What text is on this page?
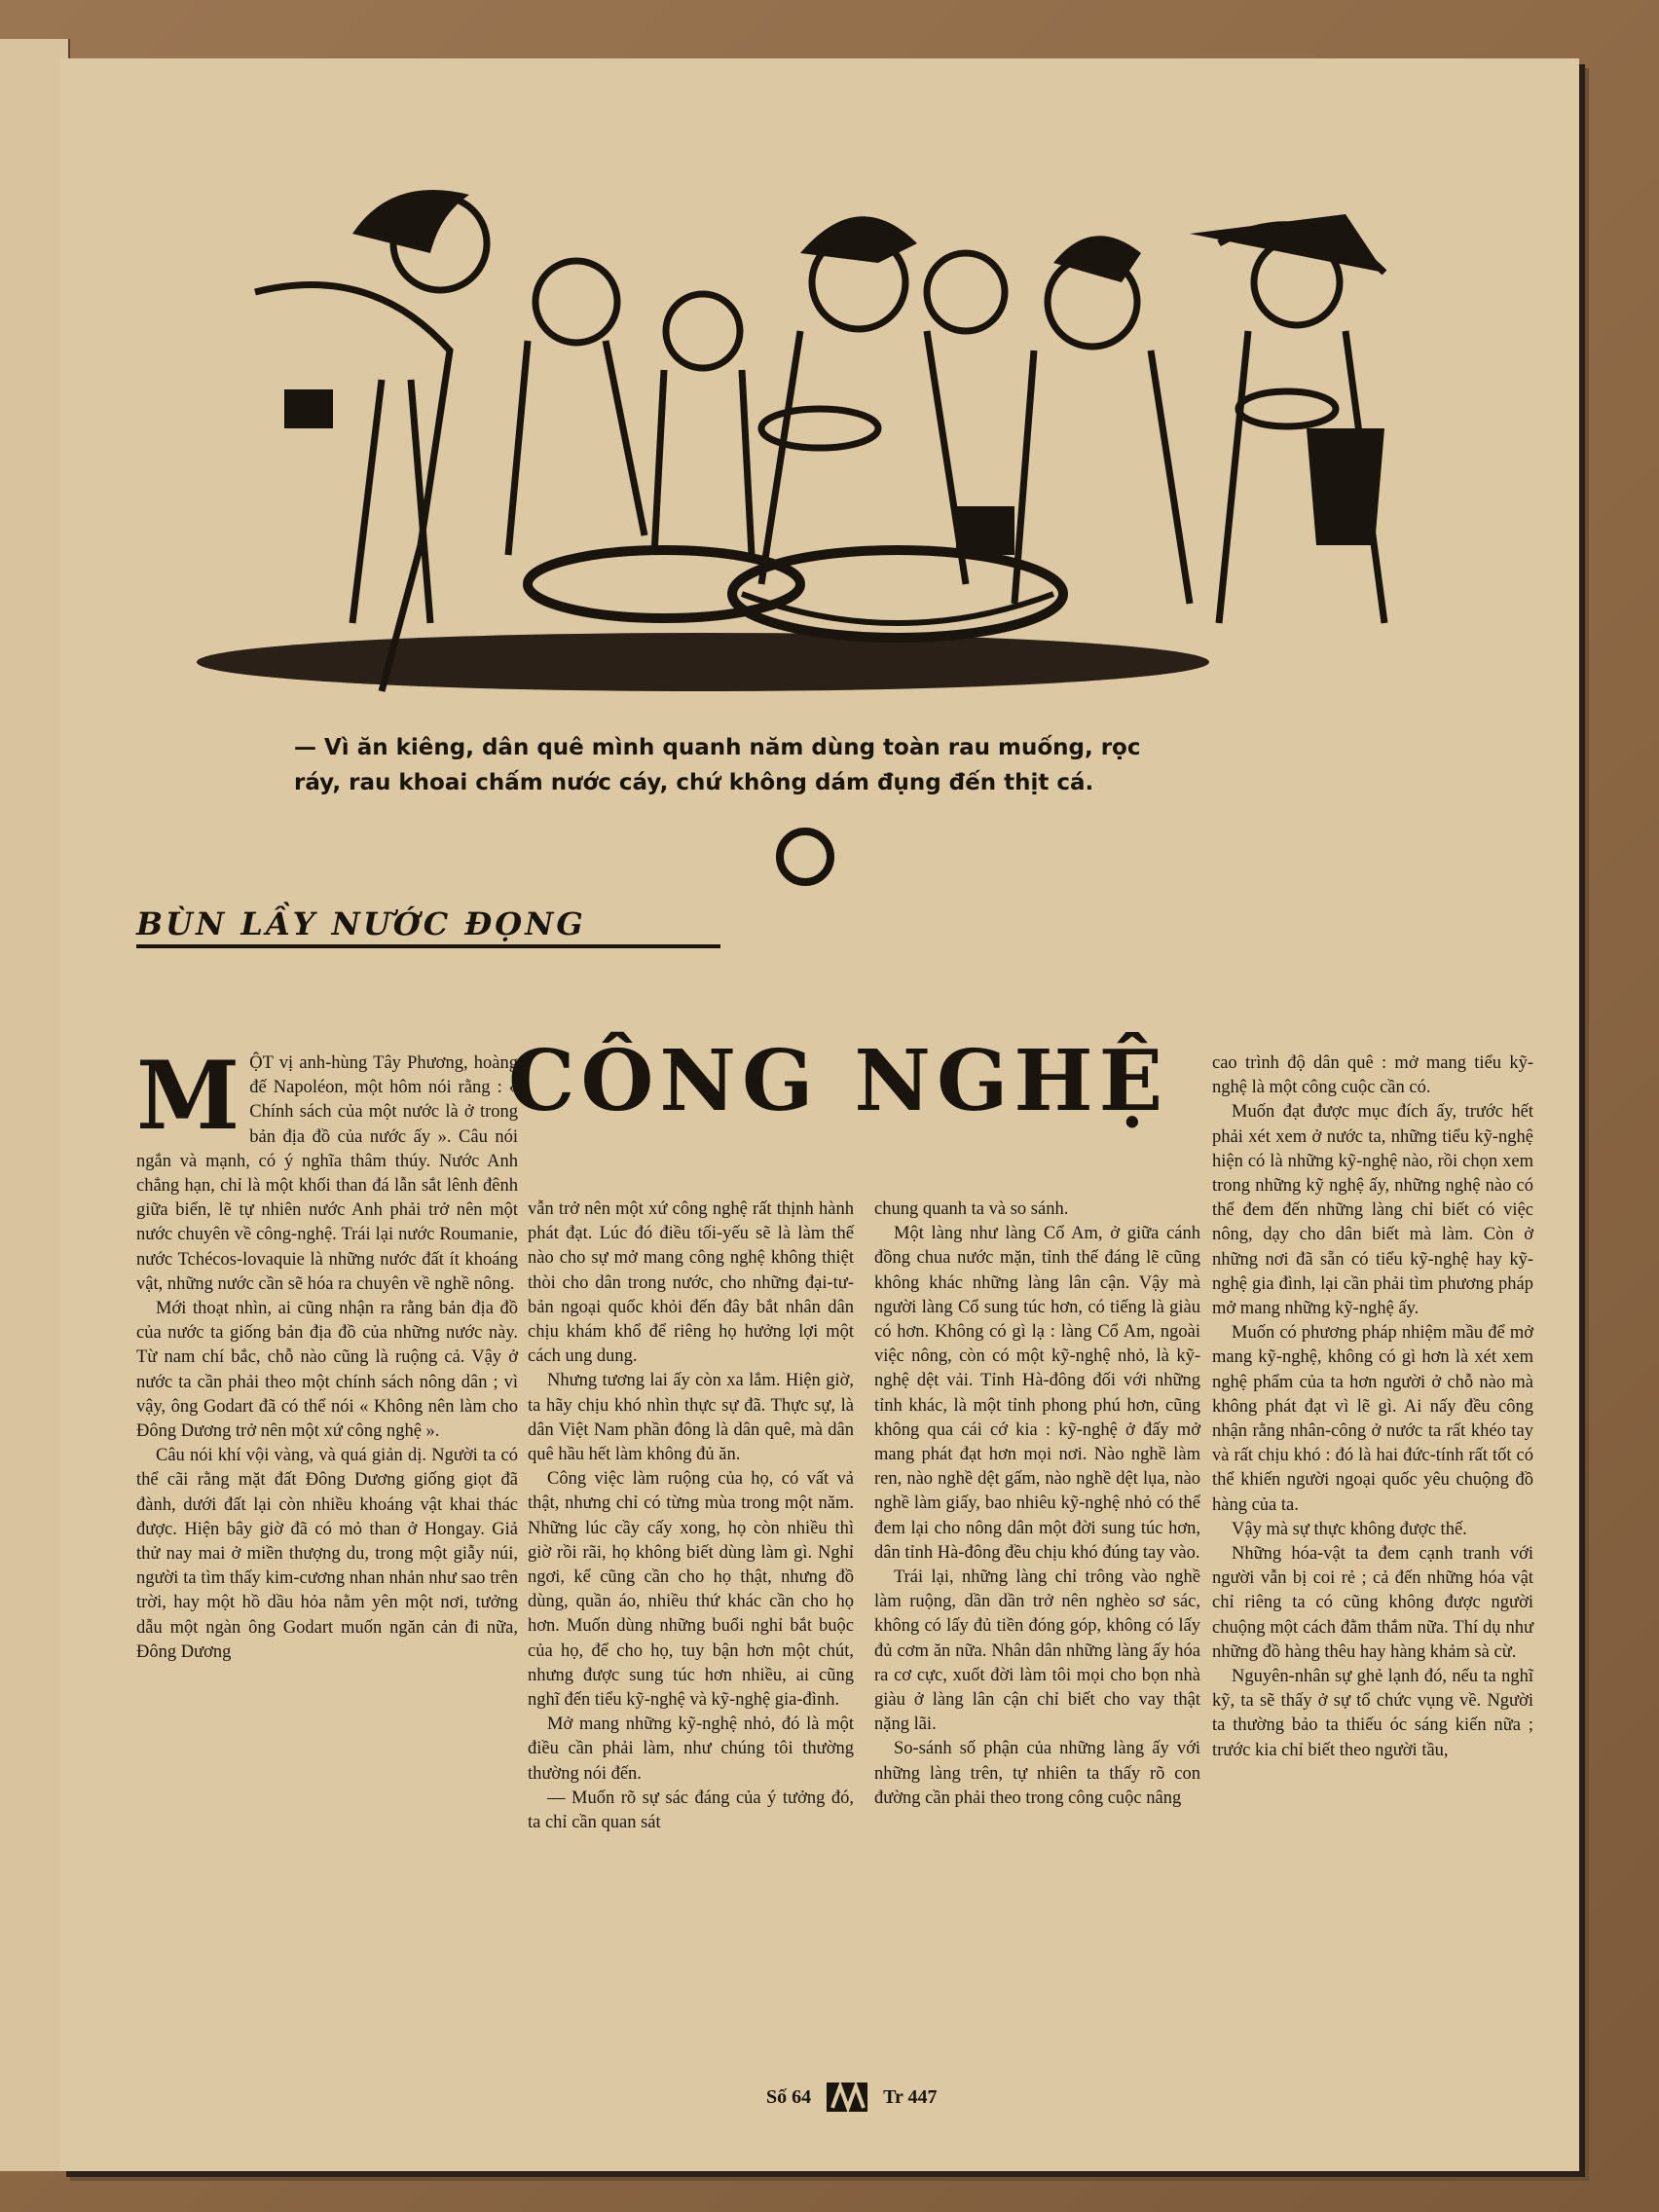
— Vì ăn kiêng, dân quê mình quanh năm dùng toàn rau muống, rọc
ráy, rau khoai chấm nước cáy, chứ không dám đụng đến thịt cá.
BÙN LẦY NƯỚC ĐỌNG
CÔNG NGHỆ

MỘT vị anh-hùng Tây Phương, hoàng đế Napoléon, một hôm nói rằng : « Chính sách của một nước là ở trong bản địa đồ của nước ấy ». Câu nói ngắn và mạnh, có ý nghĩa thâm thúy. Nước Anh chẳng hạn, chỉ là một khối than đá lẫn sắt lênh đênh giữa biển, lẽ tự nhiên nước Anh phải trở nên một nước chuyên về công-nghệ. Trái lại nước Roumanie, nước Tchécos-lovaquie là những nước đất ít khoáng vật, những nước cần sẽ hóa ra chuyên về nghề nông.

Mới thoạt nhìn, ai cũng nhận ra rằng bản địa đồ của nước ta giống bản địa đồ của những nước này. Từ nam chí bắc, chỗ nào cũng là ruộng cả. Vậy ở nước ta cần phải theo một chính sách nông dân ; vì vậy, ông Godart đã có thể nói « Không nên làm cho Đông Dương trở nên một xứ công nghệ ».

Câu nói khí vội vàng, và quá giản dị. Người ta có thể cãi rằng mặt đất Đông Dương giống giọt đã đành, dưới đất lại còn nhiều khoáng vật khai thác được. Hiện bây giờ đã có mỏ than ở Hongay. Giả thử nay mai ở miền thượng du, trong một giẫy núi, người ta tìm thấy kim-cương nhan nhản như sao trên trời, hay một hồ dầu hỏa nằm yên một nơi, tưởng dẫu một ngàn ông Godart muốn ngăn cản đi nữa, Đông Dương

vẫn trở nên một xứ công nghệ rất thịnh hành phát đạt. Lúc đó điều tối-yếu sẽ là làm thế nào cho sự mở mang công nghệ không thiệt thòi cho dân trong nước, cho những đại-tư-bản ngoại quốc khỏi đến đây bắt nhân dân chịu khám khổ để riêng họ hưởng lợi một cách ung dung.

Nhưng tương lai ấy còn xa lắm. Hiện giờ, ta hãy chịu khó nhìn thực sự đã. Thực sự, là dân Việt Nam phần đông là dân quê, mà dân quê hầu hết làm không đủ ăn.

Công việc làm ruộng của họ, có vất vả thật, nhưng chỉ có từng mùa trong một năm. Những lúc cầy cấy xong, họ còn nhiều thì giờ rồi rãi, họ không biết dùng làm gì. Nghỉ ngơi, kể cũng cần cho họ thật, nhưng đồ dùng, quần áo, nhiều thứ khác cần cho họ hơn. Muốn dùng những buổi nghỉ bắt buộc của họ, để cho họ, tuy bận hơn một chút, nhưng được sung túc hơn nhiều, ai cũng nghĩ đến tiểu kỹ-nghệ và kỹ-nghệ gia-đình.

Mở mang những kỹ-nghệ nhỏ, đó là một điều cần phải làm, như chúng tôi thường thường nói đến.

— Muốn rõ sự sác đáng của ý tưởng đó, ta chỉ cần quan sát

chung quanh ta và so sánh.

Một làng như làng Cổ Am, ở giữa cánh đồng chua nước mặn, tỉnh thế đáng lẽ cũng không khác những làng lân cận. Vậy mà người làng Cổ sung túc hơn, có tiếng là giàu có hơn. Không có gì lạ : làng Cổ Am, ngoài việc nông, còn có một kỹ-nghệ nhỏ, là kỹ-nghệ dệt vải. Tỉnh Hà-đông đối với những tỉnh khác, là một tỉnh phong phú hơn, cũng không qua cái cớ kia : kỹ-nghệ ở đấy mở mang phát đạt hơn mọi nơi. Nào nghề làm ren, nào nghề dệt gấm, nào nghề dệt lụa, nào nghề làm giấy, bao nhiêu kỹ-nghệ nhỏ có thể đem lại cho nông dân một đời sung túc hơn, dân tỉnh Hà-đông đều chịu khó đúng tay vào.

Trái lại, những làng chỉ trông vào nghề làm ruộng, dần dần trở nên nghèo sơ sác, không có lấy đủ tiền đóng góp, không có lấy đủ cơm ăn nữa. Nhân dân những làng ấy hóa ra cơ cực, xuốt đời làm tôi mọi cho bọn nhà giàu ở làng lân cận chỉ biết cho vay thật nặng lãi.

So-sánh số phận của những làng ấy với những làng trên, tự nhiên ta thấy rõ con đường cần phải theo trong công cuộc nâng

cao trình độ dân quê : mở mang tiểu kỹ-nghệ là một công cuộc cần có.

Muốn đạt được mục đích ấy, trước hết phải xét xem ở nước ta, những tiểu kỹ-nghệ hiện có là những kỹ-nghệ nào, rồi chọn xem trong những kỹ nghệ ấy, những nghệ nào có thể đem đến những làng chỉ biết có việc nông, dạy cho dân biết mà làm. Còn ở những nơi đã sẵn có tiểu kỹ-nghệ hay kỹ-nghệ gia đình, lại cần phải tìm phương pháp mở mang những kỹ-nghệ ấy.

Muốn có phương pháp nhiệm mầu để mở mang kỹ-nghệ, không có gì hơn là xét xem nghệ phẩm của ta hơn người ở chỗ nào mà không phát đạt vì lẽ gì. Ai nấy đều công nhận rằng nhân-công ở nước ta rất khéo tay và rất chịu khó : đó là hai đức-tính rất tốt có thể khiến người ngoại quốc yêu chuộng đồ hàng của ta.

Vậy mà sự thực không được thế.

Những hóa-vật ta đem cạnh tranh với người vẫn bị coi rẻ ; cả đến những hóa vật chỉ riêng ta có cũng không được người chuộng một cách đằm thắm nữa. Thí dụ như những đồ hàng thêu hay hàng khảm sà cừ.

Nguyên-nhân sự ghẻ lạnh đó, nếu ta nghĩ kỹ, ta sẽ thấy ở sự tổ chức vụng về. Người ta thường bảo ta thiếu óc sáng kiến nữa ; trước kia chỉ biết theo người tầu,

Số 64	Tr 447
